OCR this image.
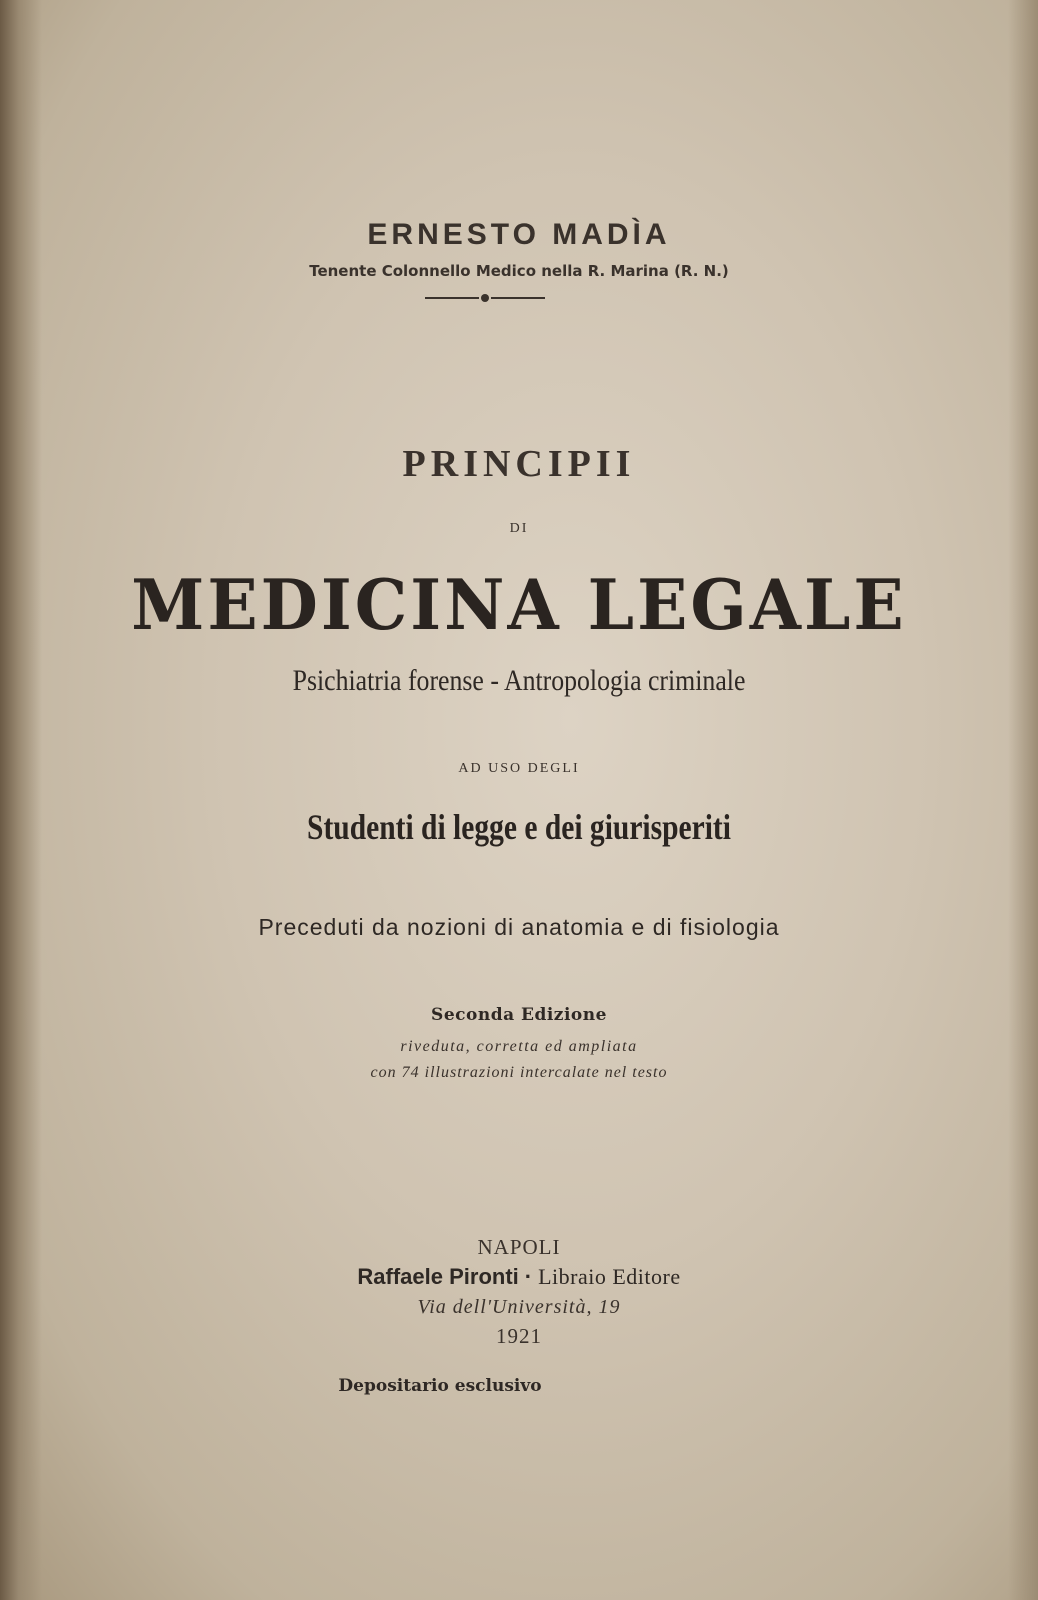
ERNESTO MADÌA
Tenente Colonnello Medico nella R. Marina (R. N.)
PRINCIPII
DI
MEDICINA LEGALE
Psichiatria forense - Antropologia criminale
AD USO DEGLI
Studenti di legge e dei giurisperiti
Preceduti da nozioni di anatomia e di fisiologia
Seconda Edizione
riveduta, corretta ed ampliata
con 74 illustrazioni intercalate nel testo
NAPOLI
Raffaele Pironti · Libraio Editore
Via dell'Università, 19
1921
Depositario esclusivo
